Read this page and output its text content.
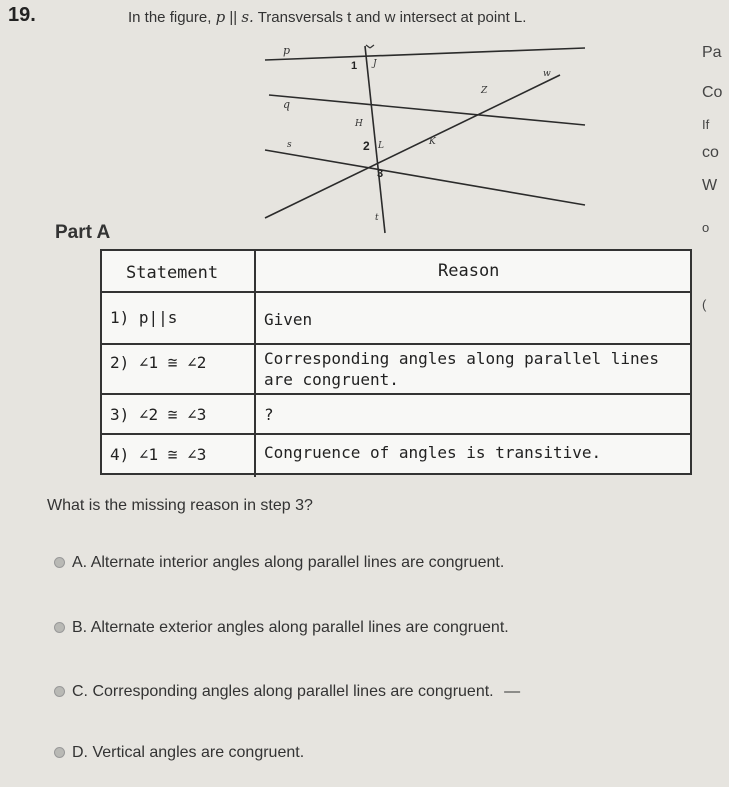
19.	In the figure, p || s. Transversals t and w intersect at point L.
Pa
Co
If
co
W
o
(
Part A
p
q
s
t
w
J
Z
H
K
L
1
2
3
Statement	Reason
1) p||s	Given
2) ∠1 ≅ ∠2	Corresponding angles along parallel lines are congruent.
3) ∠2 ≅ ∠3	?
4) ∠1 ≅ ∠3	Congruence of angles is transitive.
What is the missing reason in step 3?
A. Alternate interior angles along parallel lines are congruent.
B. Alternate exterior angles along parallel lines are congruent.
C. Corresponding angles along parallel lines are congruent. —
D. Vertical angles are congruent.
